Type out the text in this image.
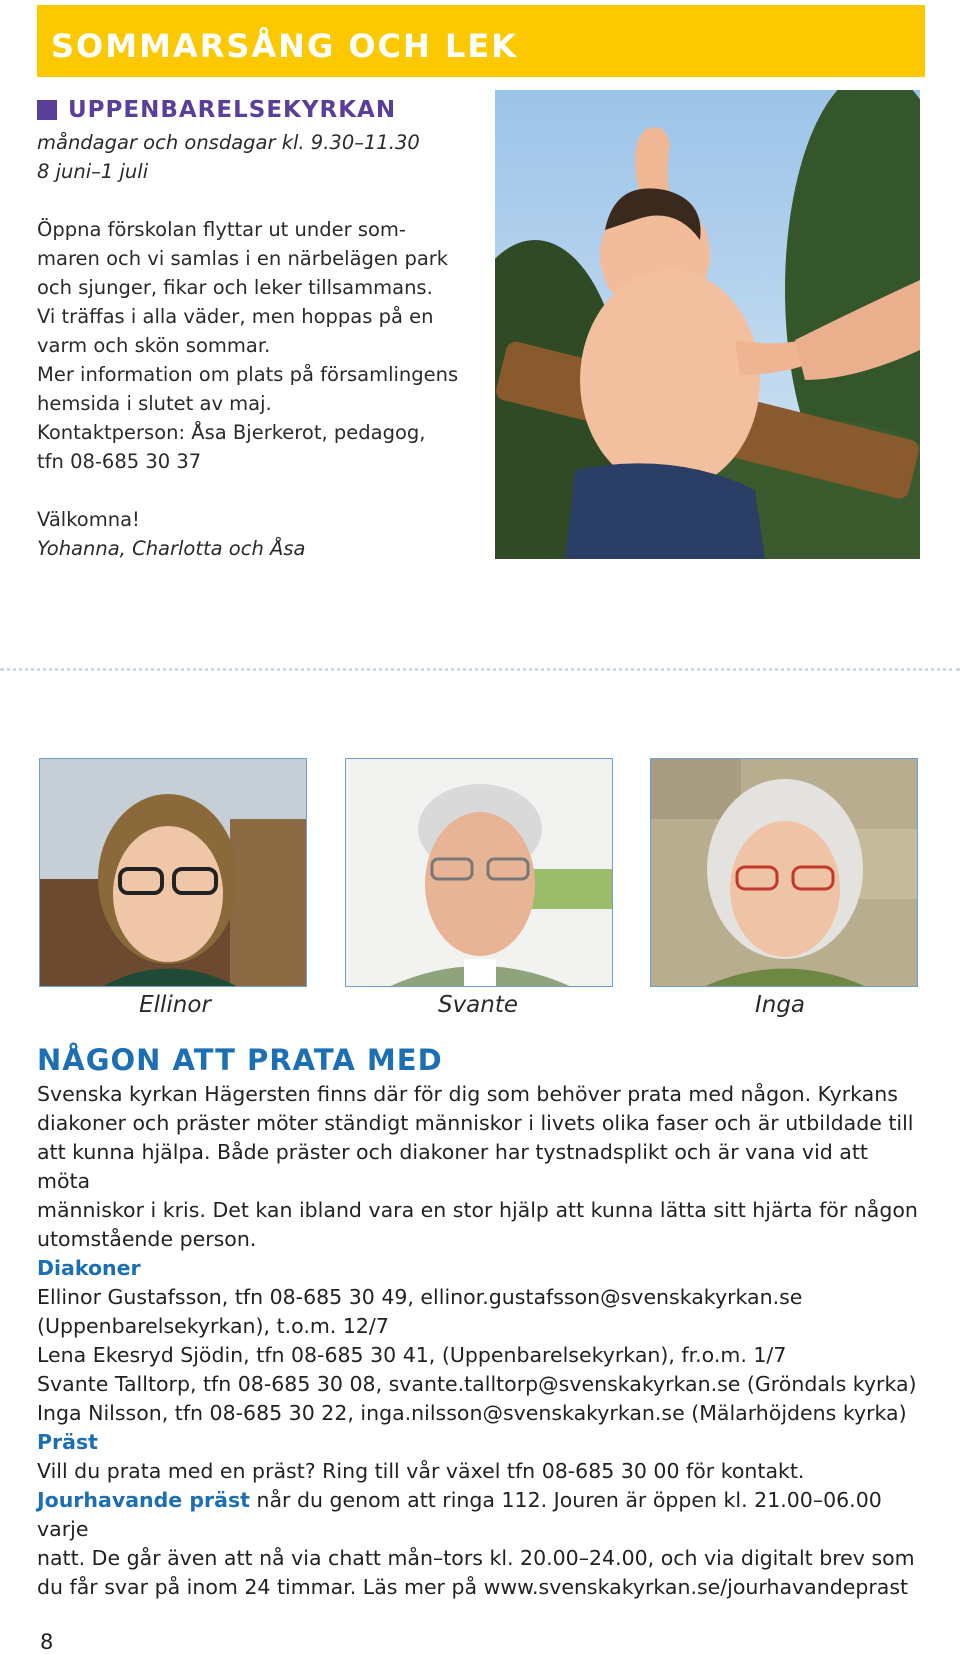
SOMMARSÅNG OCH LEK
UPPENBARELSEKYRKAN

måndagar och onsdagar kl. 9.30–11.30

8 juni–1 juli

Öppna förskolan flyttar ut under som-

maren och vi samlas i en närbelägen park

och sjunger, fikar och leker tillsammans.

Vi träffas i alla väder, men hoppas på en

varm och skön sommar.

Mer information om plats på församlingens

hemsida i slutet av maj.

Kontaktperson: Åsa Bjerkerot, pedagog,

tfn 08-685 30 37

Välkomna!

Yohanna, Charlotta och Åsa

Ellinor	Svante	Inga
NÅGON ATT PRATA MED

Svenska kyrkan Hägersten finns där för dig som behöver prata med någon. Kyrkans

diakoner och präster möter ständigt människor i livets olika faser och är utbildade till

att kunna hjälpa. Både präster och diakoner har tystnadsplikt och är vana vid att möta

människor i kris. Det kan ibland vara en stor hjälp att kunna lätta sitt hjärta för någon

utomstående person.

Diakoner

Ellinor Gustafsson, tfn 08-685 30 49, ellinor.gustafsson@svenskakyrkan.se

(Uppenbarelsekyrkan), t.o.m. 12/7

Lena Ekesryd Sjödin, tfn 08-685 30 41, (Uppenbarelsekyrkan), fr.o.m. 1/7

Svante Talltorp, tfn 08-685 30 08, svante.talltorp@svenskakyrkan.se (Gröndals kyrka)

Inga Nilsson, tfn 08-685 30 22, inga.nilsson@svenskakyrkan.se (Mälarhöjdens kyrka)

Präst

Vill du prata med en präst? Ring till vår växel tfn 08-685 30 00 för kontakt.

Jourhavande präst når du genom att ringa 112. Jouren är öppen kl. 21.00–06.00 varje

natt. De går även att nå via chatt mån–tors kl. 20.00–24.00, och via digitalt brev som

du får svar på inom 24 timmar. Läs mer på www.svenskakyrkan.se/jourhavandeprast

8
